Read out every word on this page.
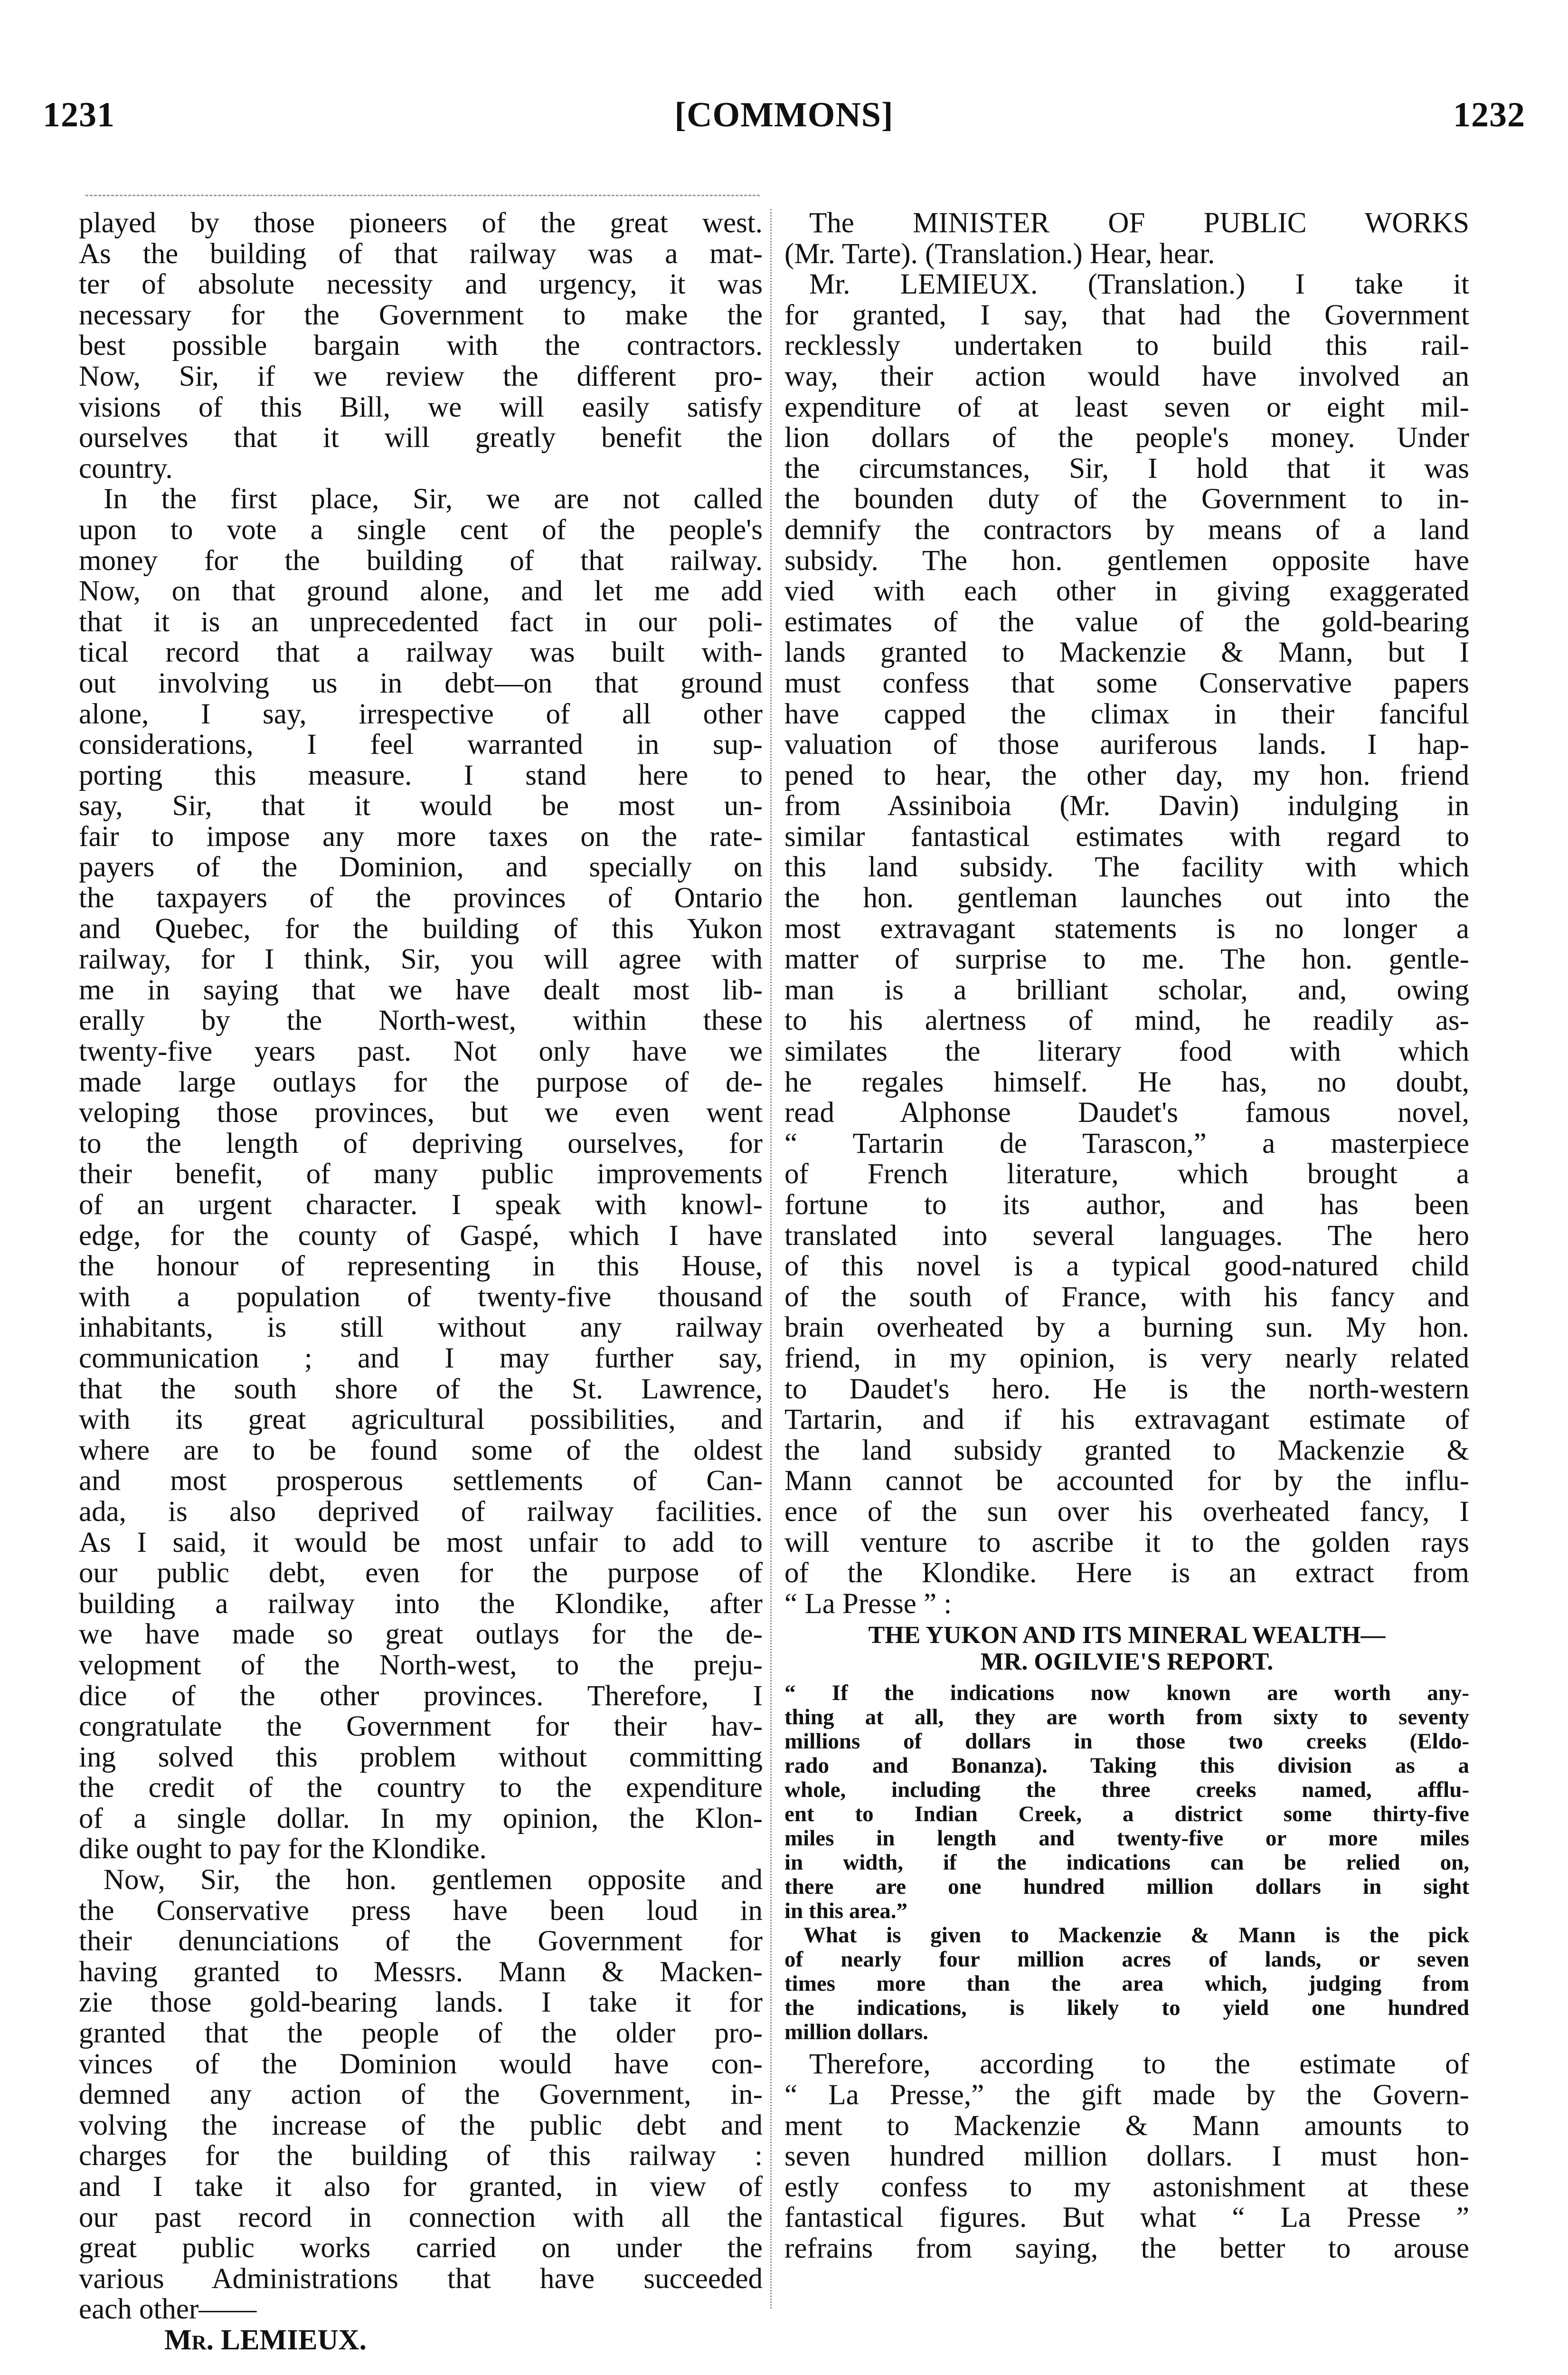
1231	[COMMONS]	1232

played by those pioneers of the great west.
As the building of that railway was a mat-
ter of absolute necessity and urgency, it was
necessary for the Government to make the
best possible bargain with the contractors.
Now, Sir, if we review the different pro-
visions of this Bill, we will easily satisfy
ourselves that it will greatly benefit the
country.

In the first place, Sir, we are not called
upon to vote a single cent of the people's
money for the building of that railway.
Now, on that ground alone, and let me add
that it is an unprecedented fact in our poli-
tical record that a railway was built with-
out involving us in debt—on that ground
alone, I say, irrespective of all other
considerations, I feel warranted in sup-
porting this measure. I stand here to
say, Sir, that it would be most un-
fair to impose any more taxes on the rate-
payers of the Dominion, and specially on
the taxpayers of the provinces of Ontario
and Quebec, for the building of this Yukon
railway, for I think, Sir, you will agree with
me in saying that we have dealt most lib-
erally by the North-west, within these
twenty-five years past. Not only have we
made large outlays for the purpose of de-
veloping those provinces, but we even went
to the length of depriving ourselves, for
their benefit, of many public improvements
of an urgent character. I speak with knowl-
edge, for the county of Gaspé, which I have
the honour of representing in this House,
with a population of twenty-five thousand
inhabitants, is still without any railway
communication ; and I may further say,
that the south shore of the St. Lawrence,
with its great agricultural possibilities, and
where are to be found some of the oldest
and most prosperous settlements of Can-
ada, is also deprived of railway facilities.
As I said, it would be most unfair to add to
our public debt, even for the purpose of
building a railway into the Klondike, after
we have made so great outlays for the de-
velopment of the North-west, to the preju-
dice of the other provinces. Therefore, I
congratulate the Government for their hav-
ing solved this problem without committing
the credit of the country to the expenditure
of a single dollar. In my opinion, the Klon-
dike ought to pay for the Klondike.

Now, Sir, the hon. gentlemen opposite and
the Conservative press have been loud in
their denunciations of the Government for
having granted to Messrs. Mann & Macken-
zie those gold-bearing lands. I take it for
granted that the people of the older pro-
vinces of the Dominion would have con-
demned any action of the Government, in-
volving the increase of the public debt and
charges for the building of this railway :
and I take it also for granted, in view of
our past record in connection with all the
great public works carried on under the
various Administrations that have succeeded
each other——

Mr. LEMIEUX.

The MINISTER OF PUBLIC WORKS
(Mr. Tarte). (Translation.) Hear, hear.

Mr. LEMIEUX. (Translation.) I take it
for granted, I say, that had the Government
recklessly undertaken to build this rail-
way, their action would have involved an
expenditure of at least seven or eight mil-
lion dollars of the people's money. Under
the circumstances, Sir, I hold that it was
the bounden duty of the Government to in-
demnify the contractors by means of a land
subsidy. The hon. gentlemen opposite have
vied with each other in giving exaggerated
estimates of the value of the gold-bearing
lands granted to Mackenzie & Mann, but I
must confess that some Conservative papers
have capped the climax in their fanciful
valuation of those auriferous lands. I hap-
pened to hear, the other day, my hon. friend
from Assiniboia (Mr. Davin) indulging in
similar fantastical estimates with regard to
this land subsidy. The facility with which
the hon. gentleman launches out into the
most extravagant statements is no longer a
matter of surprise to me. The hon. gentle-
man is a brilliant scholar, and, owing
to his alertness of mind, he readily as-
similates the literary food with which
he regales himself. He has, no doubt,
read Alphonse Daudet's famous novel,
“ Tartarin de Tarascon,” a masterpiece
of French literature, which brought a
fortune to its author, and has been
translated into several languages. The hero
of this novel is a typical good-natured child
of the south of France, with his fancy and
brain overheated by a burning sun. My hon.
friend, in my opinion, is very nearly related
to Daudet's hero. He is the north-western
Tartarin, and if his extravagant estimate of
the land subsidy granted to Mackenzie &
Mann cannot be accounted for by the influ-
ence of the sun over his overheated fancy, I
will venture to ascribe it to the golden rays
of the Klondike. Here is an extract from
“ La Presse ” :

THE YUKON AND ITS MINERAL WEALTH—
MR. OGILVIE'S REPORT.

“ If the indications now known are worth any-
thing at all, they are worth from sixty to seventy
millions of dollars in those two creeks (Eldo-
rado and Bonanza). Taking this division as a
whole, including the three creeks named, afflu-
ent to Indian Creek, a district some thirty-five
miles in length and twenty-five or more miles
in width, if the indications can be relied on,
there are one hundred million dollars in sight
in this area.”

What is given to Mackenzie & Mann is the pick
of nearly four million acres of lands, or seven
times more than the area which, judging from
the indications, is likely to yield one hundred
million dollars.

Therefore, according to the estimate of
“ La Presse,” the gift made by the Govern-
ment to Mackenzie & Mann amounts to
seven hundred million dollars. I must hon-
estly confess to my astonishment at these
fantastical figures. But what “ La Presse ”
refrains from saying, the better to arouse
